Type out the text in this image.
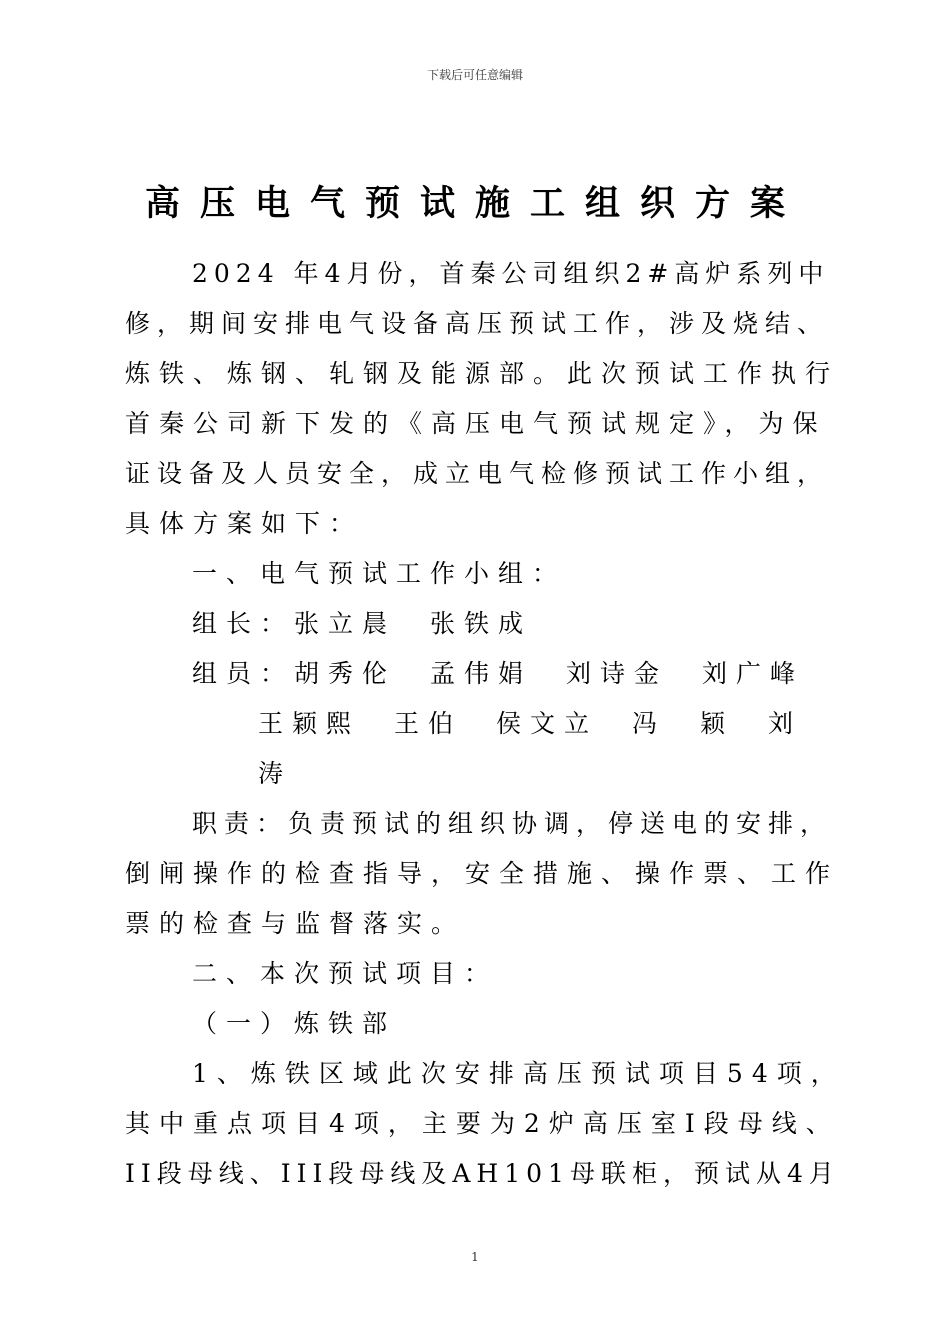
下载后可任意编辑
高压电气预试施工组织方案
2024 年4月份，首秦公司组织2#高炉系列中
修，期间安排电气设备高压预试工作，涉及烧结、
炼铁、炼钢、轧钢及能源部。此次预试工作执行
首秦公司新下发的《高压电气预试规定》，为保
证设备及人员安全，成立电气检修预试工作小组，
具体方案如下：
一、电气预试工作小组：
组长：张立晨　张铁成
组员：胡秀伦　孟伟娟　刘诗金　刘广峰
王颖熙　王伯　侯文立　冯　颖　刘
涛
职责：负责预试的组织协调，停送电的安排，
倒闸操作的检查指导，安全措施、操作票、工作
票的检查与监督落实。
二、本次预试项目：
（一）炼铁部
1、炼铁区域此次安排高压预试项目54项，
其中重点项目4项，主要为2炉高压室I段母线、
II段母线、III段母线及AH101母联柜，预试从4月
1
